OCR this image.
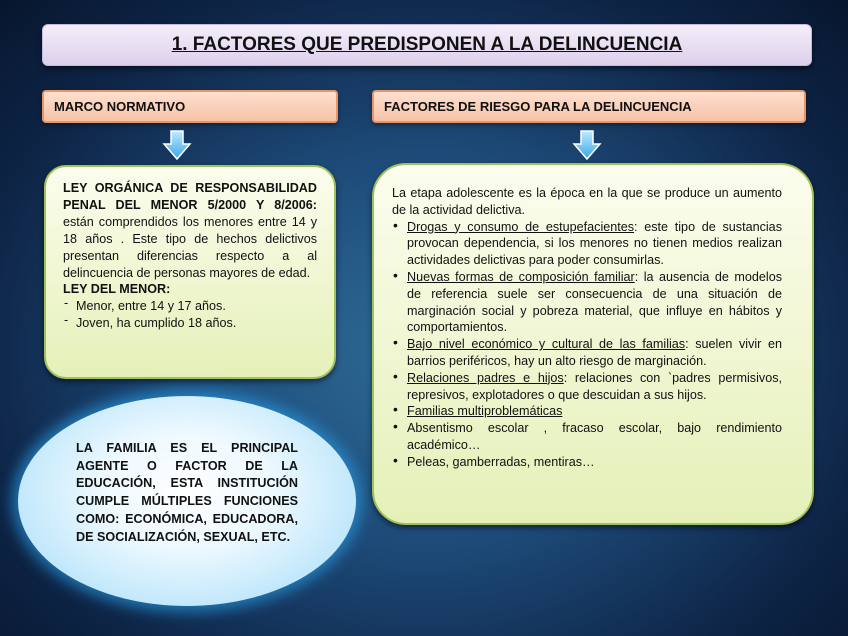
1. FACTORES QUE PREDISPONEN A LA DELINCUENCIA
MARCO NORMATIVO	FACTORES DE RIESGO PARA LA DELINCUENCIA
LEY ORGÁNICA DE RESPONSABILIDAD PENAL DEL MENOR 5/2000 Y 8/2006: están comprendidos los menores entre 14 y 18 años . Este tipo de hechos delictivos presentan diferencias respecto a al delincuencia de personas mayores de edad.
LEY DEL MENOR:
- Menor, entre 14 y 17 años.
- Joven, ha cumplido 18 años.
LA FAMILIA ES EL PRINCIPAL AGENTE O FACTOR DE LA EDUCACIÓN, ESTA INSTITUCIÓN CUMPLE MÚLTIPLES FUNCIONES COMO: ECONÓMICA, EDUCADORA, DE SOCIALIZACIÓN, SEXUAL, ETC.
La etapa adolescente es la época en la que se produce un aumento de la actividad delictiva.
• Drogas y consumo de estupefacientes: este tipo de sustancias provocan dependencia, si los menores no tienen medios realizan actividades delictivas para poder consumirlas.
• Nuevas formas de composición familiar: la ausencia de modelos de referencia suele ser consecuencia de una situación de marginación social y pobreza material, que influye en hábitos y comportamientos.
• Bajo nivel económico y cultural de las familias: suelen vivir en barrios periféricos, hay un alto riesgo de marginación.
• Relaciones padres e hijos: relaciones con `padres permisivos, represivos, explotadores o que descuidan a sus hijos.
• Familias multiproblemáticas
• Absentismo escolar , fracaso escolar, bajo rendimiento académico…
• Peleas, gamberradas, mentiras…
